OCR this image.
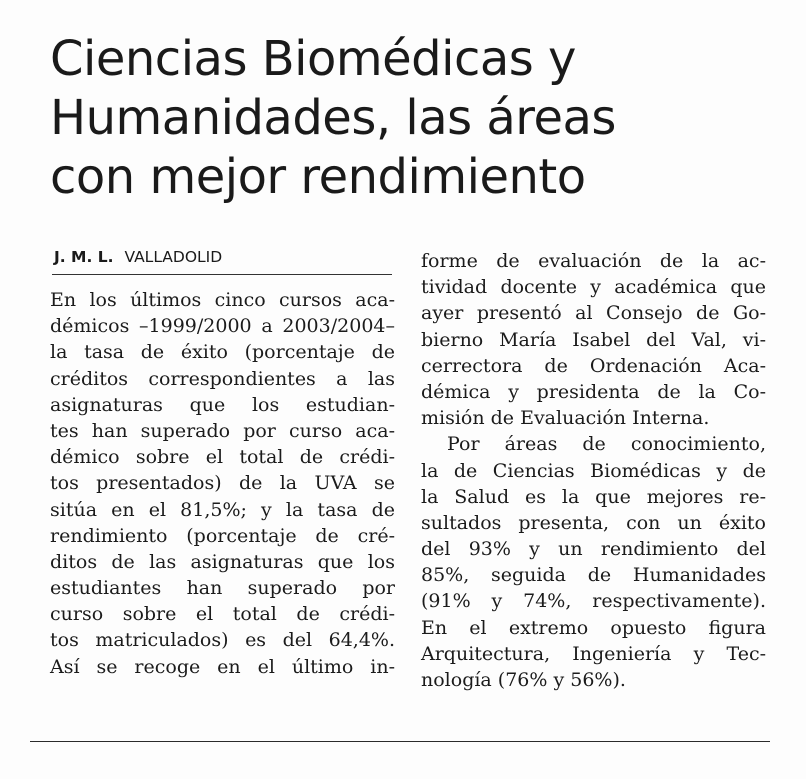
Ciencias Biomédicas y
Humanidades, las áreas
con mejor rendimiento
J. M. L. VALLADOLID
En los últimos cinco cursos aca-
démicos –1999/2000 a 2003/2004–
la tasa de éxito (porcentaje de
créditos correspondientes a las
asignaturas que los estudian-
tes han superado por curso aca-
démico sobre el total de crédi-
tos presentados) de la UVA se
sitúa en el 81,5%; y la tasa de
rendimiento (porcentaje de cré-
ditos de las asignaturas que los
estudiantes han superado por
curso sobre el total de crédi-
tos matriculados) es del 64,4%.
Así se recoge en el último in-
forme de evaluación de la ac-
tividad docente y académica que
ayer presentó al Consejo de Go-
bierno María Isabel del Val, vi-
cerrectora de Ordenación Aca-
démica y presidenta de la Co-
misión de Evaluación Interna.
Por áreas de conocimiento,
la de Ciencias Biomédicas y de
la Salud es la que mejores re-
sultados presenta, con un éxito
del 93% y un rendimiento del
85%, seguida de Humanidades
(91% y 74%, respectivamente).
En el extremo opuesto figura
Arquitectura, Ingeniería y Tec-
nología (76% y 56%).
